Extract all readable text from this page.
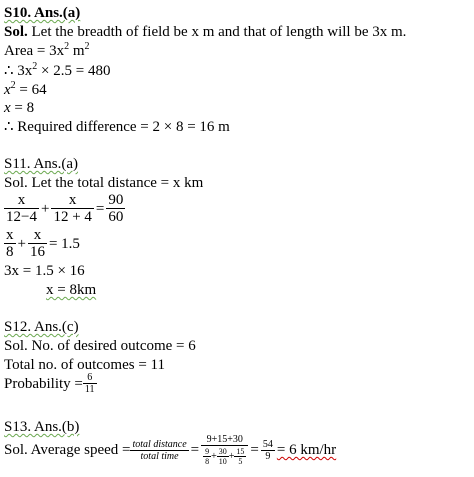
S10. Ans.(a)
Sol. Let the breadth of field be x m and that of length will be 3x m.
Area = $3x^2$ $m^2$
∴ $3x^2 \times 2.5 = 480$
$x^2 = 64$
x = 8
∴ Required difference = 2 × 8 = 16 m
S11. Ans.(a)
Sol. Let the total distance = x km
$\frac{x}{12-4} + \frac{x}{12 + 4} = \frac{90}{60}$
$\frac{x}{8} + \frac{x}{16} = 1.5$
3x = 1.5 × 16
x = 8km
S12. Ans.(c)
Sol. No. of desired outcome = 6
Total no. of outcomes = 11
Probability = $\frac{6}{11}$
S13. Ans.(b)
Sol. Average speed = $\frac{\text{total distance}}{\text{total time}} = \frac{9+15+30}{\frac{9}{8} + \frac{30}{10} + \frac{15}{5}} = \frac{54}{9} = 6$ km/hr
